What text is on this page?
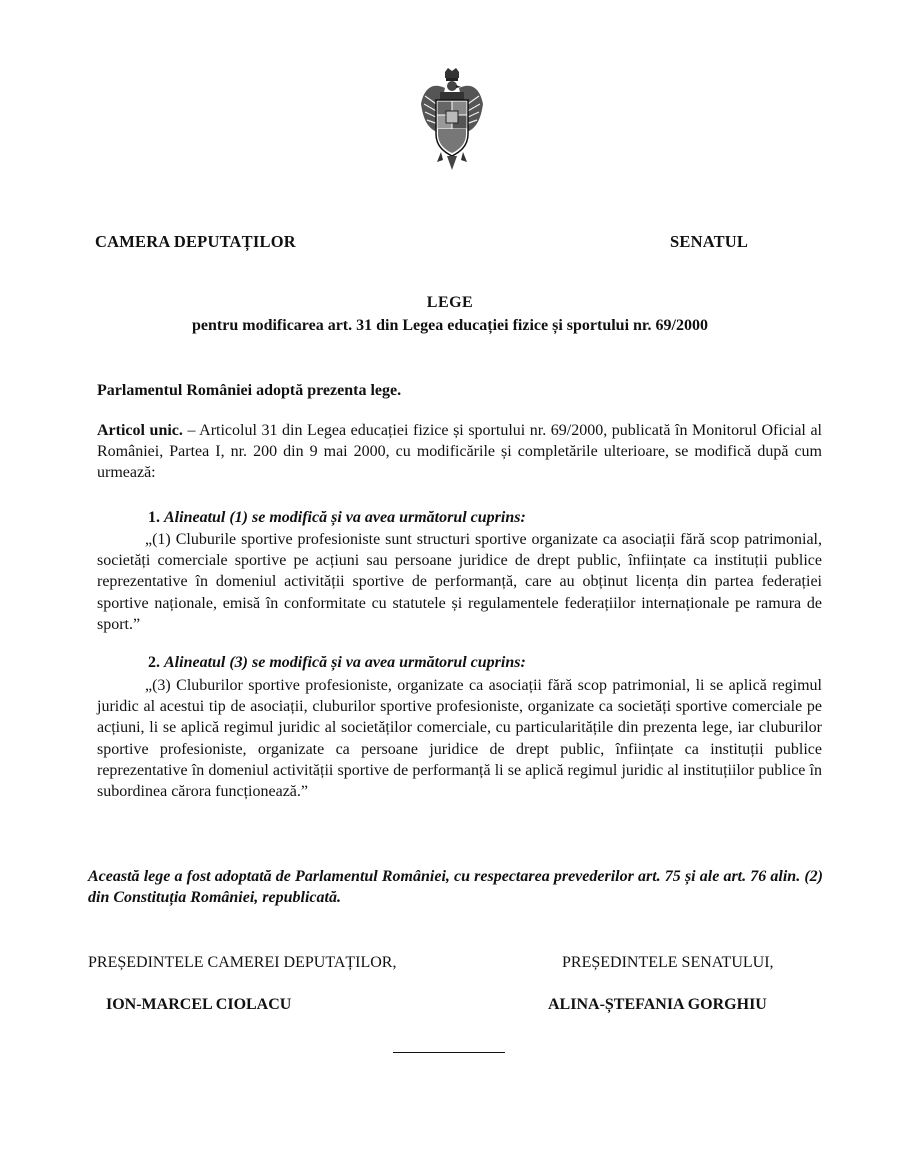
CAMERA DEPUTAȚILOR	SENATUL
LEGE
pentru modificarea art. 31 din Legea educației fizice și sportului nr. 69/2000
Parlamentul României adoptă prezenta lege.
Articol unic. – Articolul 31 din Legea educației fizice și sportului nr. 69/2000, publicată în Monitorul Oficial al României, Partea I, nr. 200 din 9 mai 2000, cu modificările și completările ulterioare, se modifică după cum urmează:
1. Alineatul (1) se modifică și va avea următorul cuprins:
„(1) Cluburile sportive profesioniste sunt structuri sportive organizate ca asociații fără scop patrimonial, societăți comerciale sportive pe acțiuni sau persoane juridice de drept public, înființate ca instituții publice reprezentative în domeniul activității sportive de performanță, care au obținut licența din partea federației sportive naționale, emisă în conformitate cu statutele și regulamentele federațiilor internaționale pe ramura de sport.”
2. Alineatul (3) se modifică și va avea următorul cuprins:
„(3) Cluburilor sportive profesioniste, organizate ca asociații fără scop patrimonial, li se aplică regimul juridic al acestui tip de asociații, cluburilor sportive profesioniste, organizate ca societăți sportive comerciale pe acțiuni, li se aplică regimul juridic al societăților comerciale, cu particularitățile din prezenta lege, iar cluburilor sportive profesioniste, organizate ca persoane juridice de drept public, înființate ca instituții publice reprezentative în domeniul activității sportive de performanță li se aplică regimul juridic al instituțiilor publice în subordinea cărora funcționează.”
Această lege a fost adoptată de Parlamentul României, cu respectarea prevederilor art. 75 și ale art. 76 alin. (2) din Constituția României, republicată.
PREȘEDINTELE CAMEREI DEPUTAȚILOR,	PREȘEDINTELE SENATULUI,
ION-MARCEL CIOLACU	ALINA-ȘTEFANIA GORGHIU
